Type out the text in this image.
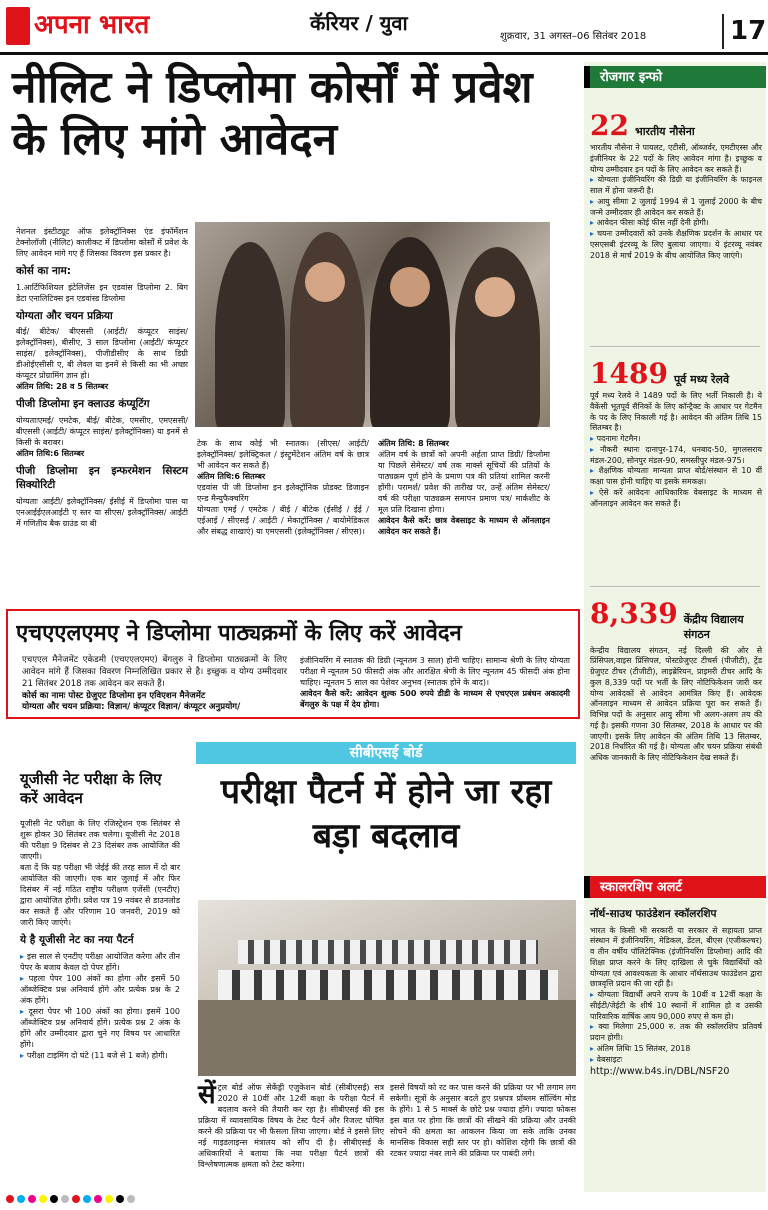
अपना भारत	कॅरियर / युवा
शुक्रवार, 31 अगस्त–06 सितंबर 2018	17
नीलिट ने डिप्लोमा कोर्सों में प्रवेश के लिए मांगे आवेदन

नेशनल इंस्टीट्यूट ऑफ इलेक्ट्रॉनिक्स एंड इंफॉर्मेशन टेक्नोलॉजी (नीलिट) कालीकट में डिप्लोमा कोर्सों में प्रवेश के लिए आवेदन मांगे गए हैं जिसका विवरण इस प्रकार है।

कोर्स का नाम:

1.आर्टिफिशियल इंटेलिजेंस इन एडवांस डिप्लोमा 2. बिग डेटा एनालिटिक्स इन एडवांस्ड डिप्लोमा

योग्यता और चयन प्रक्रिया

बीई/ बीटेक/ बीएससी (आईटी/ कंप्यूटर साइंस/ इलेक्ट्रॉनिक्स), बीसीए, 3 साल डिप्लोमा (आईटी/ कंप्यूटर साइंस/ इलेक्ट्रॉनिक्स), पीजीडीसीए के साथ डिग्री डीओईएसीसी ए, बी लेवल या इनमें से किसी का भी अच्छा कंप्यूटर प्रोग्रामिंग ज्ञान हो।

अंतिम तिथि: 28 व 5 सितम्बर

पीजी डिप्लोमा इन क्लाउड कंप्यूटिंग

योग्यताःएमई/ एमटेक, बीई/ बीटेक, एमसीए, एमएससी/ बीएससी (आईटी/ कंप्यूटर साइंस/ इलेक्ट्रॉनिक्स) या इनमें से किसी के बराबर।

अंतिम तिथि:6 सितम्बर

पीजी डिप्लोमा इन इन्फरमेशन सिस्टम सिक्योरिटी

योग्यताः आईटी/ इलेक्ट्रॉनिक्स/ ईसीई में डिप्लोमा पास या एनआईईएलआईटी ए स्तर या सीएस/ इलेक्ट्रॉनिक्स/ आईटी में गणितीय बैक ग्राउंड या बी

टेक के साथ कोई भी स्नातक। (सीएस/ आईटी/ इलेक्ट्रॉनिक्स/ इलेक्ट्रिकल / इंस्ट्रुमेंटेशन अंतिम वर्ष के छात्र भी आवेदन कर सकते हैं)

अंतिम तिथि:6 सितम्बर

एडवांस पी जी डिप्लोमा इन इलेक्ट्रॉनिक प्रोडक्ट डिजाइन एन्ड मैन्युफैक्चरिंग

योग्यताः एमई / एमटेक / बीई / बीटेक (ईसीई / ईई / एईआई / सीएसई / आईटी / मेकाट्रॉनिक्स / बायोमेडिकल और संबद्ध शाखाएं) या एमएससी (इलेक्ट्रॉनिक्स / सीएस)।

अंतिम तिथि: 8 सितम्बर

अंतिम वर्ष के छात्रों को अपनी अर्हता प्राप्त डिग्री/ डिप्लोमा या पिछले सेमेस्टर/ वर्ष तक मार्क्स सूचियों की प्रतियों के पाठ्यक्रम पूर्ण होने के प्रमाण पत्र की प्रतियां शामिल करनी होंगी। परामर्श/ प्रवेश की तारीख पर, उन्हें अंतिम सेमेस्टर/ वर्ष की परीक्षा पाठ्यक्रम समापन प्रमाण पत्र/ मार्कशीट के मूल प्रति दिखाना होगा।

आवेदन कैसे करें: छात्र वेबसाइट के माध्यम से ऑनलाइन आवेदन कर सकते हैं।

एचएएलएमए ने डिप्लोमा पाठ्यक्रमों के लिए करें आवेदन

एचएएल मैनेजमेंट एकेडमी (एचएएलएमए) बेंगलुरु ने डिप्लोमा पाठ्यक्रमों के लिए आवेदन मांगे हैं जिसका विवरण निम्नलिखित प्रकार से है। इच्छुक व योग्य उम्मीदवार 21 सितंबर 2018 तक आवेदन कर सकते हैं।

कोर्स का नामः पोस्ट ग्रेजुएट डिप्लोमा इन एविएशन मैनेजमेंट

योग्यता और चयन प्रक्रिया: विज्ञान/ कंप्यूटर विज्ञान/ कंप्यूटर अनुप्रयोग/

इंजीनियरिंग में स्नातक की डिग्री (न्यूनतम 3 साल) होनी चाहिए। सामान्य श्रेणी के लिए योग्यता परीक्षा में न्यूनतम 50 फीसदी अंक और आरक्षित श्रेणी के लिए न्यूनतम 45 फीसदी अंक होना चाहिए। न्यूनतम 5 साल का पेशेवर अनुभव (स्नातक होने के बाद)।

आवेदन कैसे करें: आवेदन शुल्क 500 रुपये डीडी के माध्यम से एचएएल प्रबंधन अकादमी बेंगलुरु के पक्ष में देय होगा।

यूजीसी नेट परीक्षा के लिए करें आवेदन

यूजीसी नेट परीक्षा के लिए रजिस्ट्रेशन एक सितंबर से शुरू होकर 30 सितंबर तक चलेगा। यूजीसी नेट 2018 की परीक्षा 9 दिसंबर से 23 दिसंबर तक आयोजित की जाएगी।

बता दें कि यह परीक्षा भी जेईई की तरह साल में दो बार आयोजित की जाएगी। एक बार जुलाई में और फिर दिसंबर में नई गठित राष्ट्रीय परीक्षण एजेंसी (एनटीए) द्वारा आयोजित होगी। प्रवेश पत्र 19 नवंबर से डाउनलोड कर सकते हैं और परिणाम 10 जनवरी, 2019 को जारी किए जाएंगे।

ये है यूजीसी नेट का नया पैटर्न

▸ इस साल से एनटीए परीक्षा आयोजित करेगा और तीन पेपर के बजाय केवल दो पेपर होंगे।

▸ पहला पेपर 100 अंकों का होगा और इसमें 50 ऑब्जेक्टिव प्रश्न अनिवार्य होंगे और प्रत्येक प्रश्न के 2 अंक होंगे।

▸ दूसरा पेपर भी 100 अंकों का होगा। इसमें 100 ऑब्जेक्टिव प्रश्न अनिवार्य होंगे। प्रत्येक प्रश्न 2 अंक के होंगे और उम्मीदवार द्वारा चुने गए विषय पर आधारित होंगे।

▸ परीक्षा टाइमिंग दो घंटे (11 बजे से 1 बजे) होगी।

सीबीएसई बोर्ड
परीक्षा पैटर्न में होने जा रहा बड़ा बदलाव

सेंट्रल बोर्ड ऑफ सेकेंड्री एजुकेशन बोर्ड (सीबीएसई) सत्र 2020 से 10वीं और 12वीं कक्षा के परीक्षा पैटर्न में बदलाव करने की तैयारी कर रहा है। सीबीएसई की इस प्रक्रिया में व्यावसायिक विषय के टेस्ट पैटर्न और रिजल्ट घोषित करने की प्रक्रिया पर भी फैसला लिया जाएगा। बोर्ड ने इससे लिए नई गाइडलाइन्स मंत्रालय को सौंप दी है। सीबीएसई के अधिकारियों ने बताया कि नया परीक्षा पैटर्न छात्रों की विश्लेषणात्मक क्षमता को टेस्ट करेगा।

इससे विषयों को रट कर पास करने की प्रक्रिया पर भी लगाम लग सकेगी। सूत्रों के अनुसार बदले हुए प्रश्नपत्र प्रॉब्लम सॉल्विंग मोड के होंगे। 1 से 5 मार्क्स के छोटे प्रश्न ज्यादा होंगे। ज्यादा फोकस इस बात पर होगा कि छात्रों की सीखने की प्रक्रिया और उनकी सोचने की क्षमता का आकलन किया जा सके ताकि उनका मानसिक विकास सही स्तर पर हो। कोशिश रहेगी कि छात्रों की रटकर ज्यादा नंबर लाने की प्रक्रिया पर पाबंदी लगे।

रोजगार इन्फो
22 भारतीय नौसेना

भारतीय नौसेना ने पायलट, एटीसी, ऑब्जर्वर, एमटीएस्स और इंजीनियर के 22 पदों के लिए आवेदन मांगा है। इच्छुक व योग्य उम्मीदवार इन पदों के लिए आवेदन कर सकते हैं।

▸ योग्यताः इंजीनियरिंग की डिग्री या इंजीनियरिंग के फाइनल साल में होना जरूरी है।

▸ आयु सीमाः 2 जुलाई 1994 से 1 जुलाई 2000 के बीच जन्मे उम्मीदवार ही आवेदन कर सकते हैं।

▸ आवेदन फीसः कोई फीस नहीं देनी होगी।

▸ चयनः उम्मीदवारों को उनके शैक्षणिक प्रदर्शन के आधार पर एसएसबी इंटरव्यू के लिए बुलाया जाएगा। ये इंटरव्यू नवंबर 2018 से मार्च 2019 के बीच आयोजित किए जाएंगे।

1489 पूर्व मध्य रेलवे

पूर्व मध्य रेलवे ने 1489 पदों के लिए भर्ती निकाली है। ये वैकेंसी भूतपूर्व सैनिकों के लिए कॉन्ट्रैक्ट के आधार पर गेटमैन के पद के लिए निकाली गई है। आवेदन की अंतिम तिथि 15 सितम्बर है।

▸ पदनामः गेटमैन।

▸ नौकरी स्थानः दानापुर-174, धनबाद-50, मुगलसराय मंडल-200, सोनपुर मंडल-90, समस्तीपुर मंडल-975।

▸ शैक्षणिक योग्यताः मान्यता प्राप्त बोर्ड/संस्थान से 10 वीं कक्षा पास होनी चाहिए या इसके समकक्ष।

▸ ऐसे करें आवेदनः आधिकारिक वेबसाइट के माध्यम से ऑनलाइन आवेदन कर सकते हैं।

8,339 केंद्रीय विद्यालय संगठन

केन्द्रीय विद्यालय संगठन, नई दिल्ली की ओर से प्रिंसिपल,वाइस प्रिंसिपल, पोस्टग्रेजुएट टीचर्स (पीजीटी), ट्रेंड ग्रेजुएट टीचर (टीजीटी), लाइब्रेरियन, प्राइमरी टीचर आदि के कुल 8,339 पदों पर भर्ती के लिए नोटिफिकेशन जारी कर योग्य आवेदकों से आवेदन आमंत्रित किए हैं। आवेदक ऑनलाइन माध्यम से आवेदन प्रक्रिया पूरा कर सकते हैं। विभिन्न पदों के अनुसार आयु सीमा भी अलग-अलग तय की गई है। इसकी गणना 30 सितम्बर, 2018 के आधार पर की जाएगी। इसके लिए आवेदन की अंतिम तिथि 13 सितम्बर, 2018 निर्धारित की गई है। योग्यता और चयन प्रक्रिया संबंधी अधिक जानकारी के लिए नोटिफिकेशन देख सकते हैं।

स्कालरशिप अलर्ट
नॉर्थ-साउथ फाउंडेशन स्कॉलरशिप

भारत के किसी भी सरकारी या सरकार से सहायता प्राप्त संस्थान में इंजीनियरिंग, मेडिकल, डेंटल, बीएस (एजीकल्चर) व तीन वर्षीय पॉलिटेक्निक (इंजीनियरिंग डिप्लोमा) आदि की शिक्षा प्राप्त करने के लिए दाखिला ले चुके विद्यार्थियों को योग्यता एवं आवश्यकता के आधार नॉर्थसाउथ फाउंडेशन द्वारा छात्रवृत्ति प्रदान की जा रही है।

▸ योग्यताः विद्यार्थी अपने राज्य के 10वीं व 12वीं कक्षा के सीईटी/जेईटी के शीर्ष 10 स्थानों में शामिल हो व उसकी पारिवारिक वार्षिक आय 90,000 रुपए से कम हो।

▸ क्या मिलेगाः 25,000 रु. तक की स्कॉलरशिप प्रतिवर्ष प्रदान होगी।

▸ अंतिम तिथिः 15 सितंबर, 2018

▸ वेबसाइटः

http://www.b4s.in/DBL/NSF20
